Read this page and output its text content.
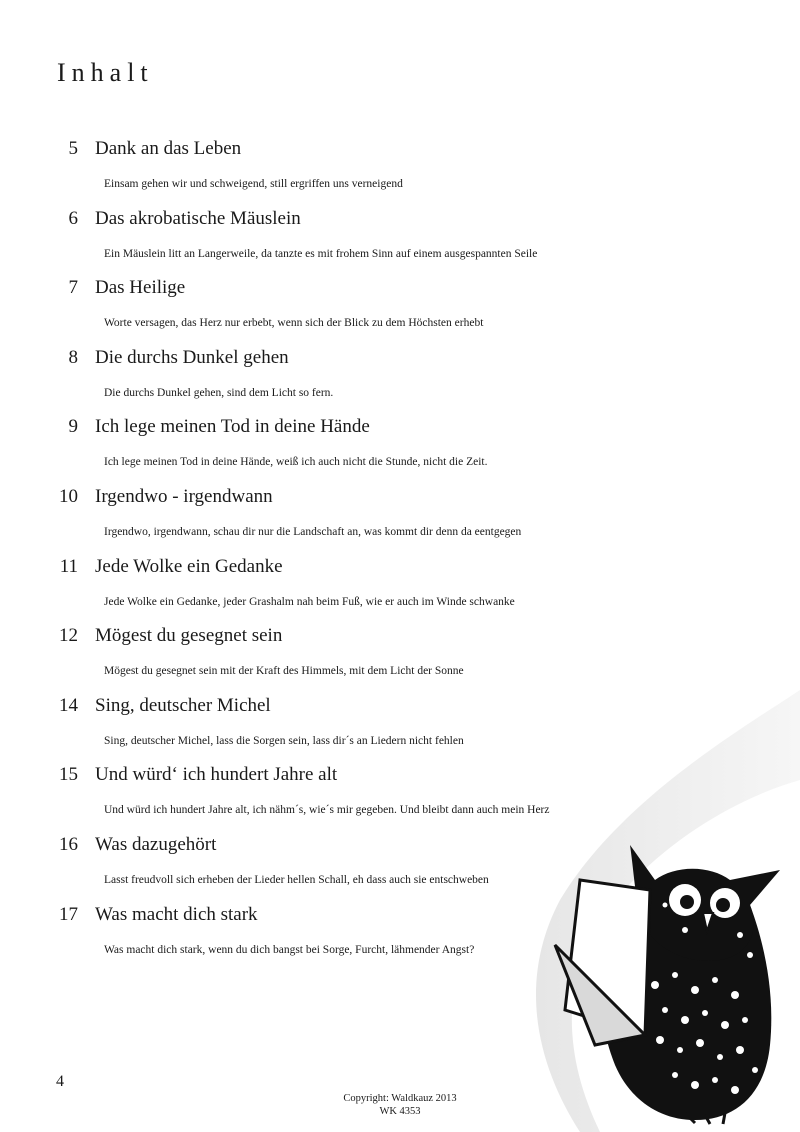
Inhalt
5 Dank an das Leben
Einsam gehen wir und schweigend, still ergriffen uns verneigend
6 Das akrobatische Mäuslein
Ein Mäuslein litt an Langerweile, da tanzte es mit frohem Sinn auf einem ausgespannten Seile
7 Das Heilige
Worte versagen, das Herz nur erbebt, wenn sich der Blick zu dem Höchsten erhebt
8 Die durchs Dunkel gehen
Die durchs Dunkel gehen, sind dem Licht so fern.
9 Ich lege meinen Tod in deine Hände
Ich lege meinen Tod in deine Hände, weiß ich auch nicht die Stunde, nicht die Zeit.
10 Irgendwo - irgendwann
Irgendwo, irgendwann, schau dir nur die Landschaft an, was kommt dir denn da eentgegen
11 Jede Wolke ein Gedanke
Jede Wolke ein Gedanke, jeder Grashalm nah beim Fuß, wie er auch im Winde schwanke
12 Mögest du gesegnet sein
Mögest du gesegnet sein mit der Kraft des Himmels, mit dem Licht der Sonne
14 Sing, deutscher Michel
Sing, deutscher Michel, lass die Sorgen sein, lass dir´s an Liedern nicht fehlen
15 Und würd‘ ich hundert Jahre alt
Und würd ich hundert Jahre alt, ich nähm´s, wie´s mir gegeben. Und bleibt dann auch mein Herz
16 Was dazugehört
Lasst freudvoll sich erheben der Lieder hellen Schall, eh dass auch sie entschweben
17 Was macht dich stark
Was macht dich stark, wenn du dich bangst bei Sorge, Furcht, lähmender Angst?
4
Copyright: Waldkauz 2013
WK 4353
